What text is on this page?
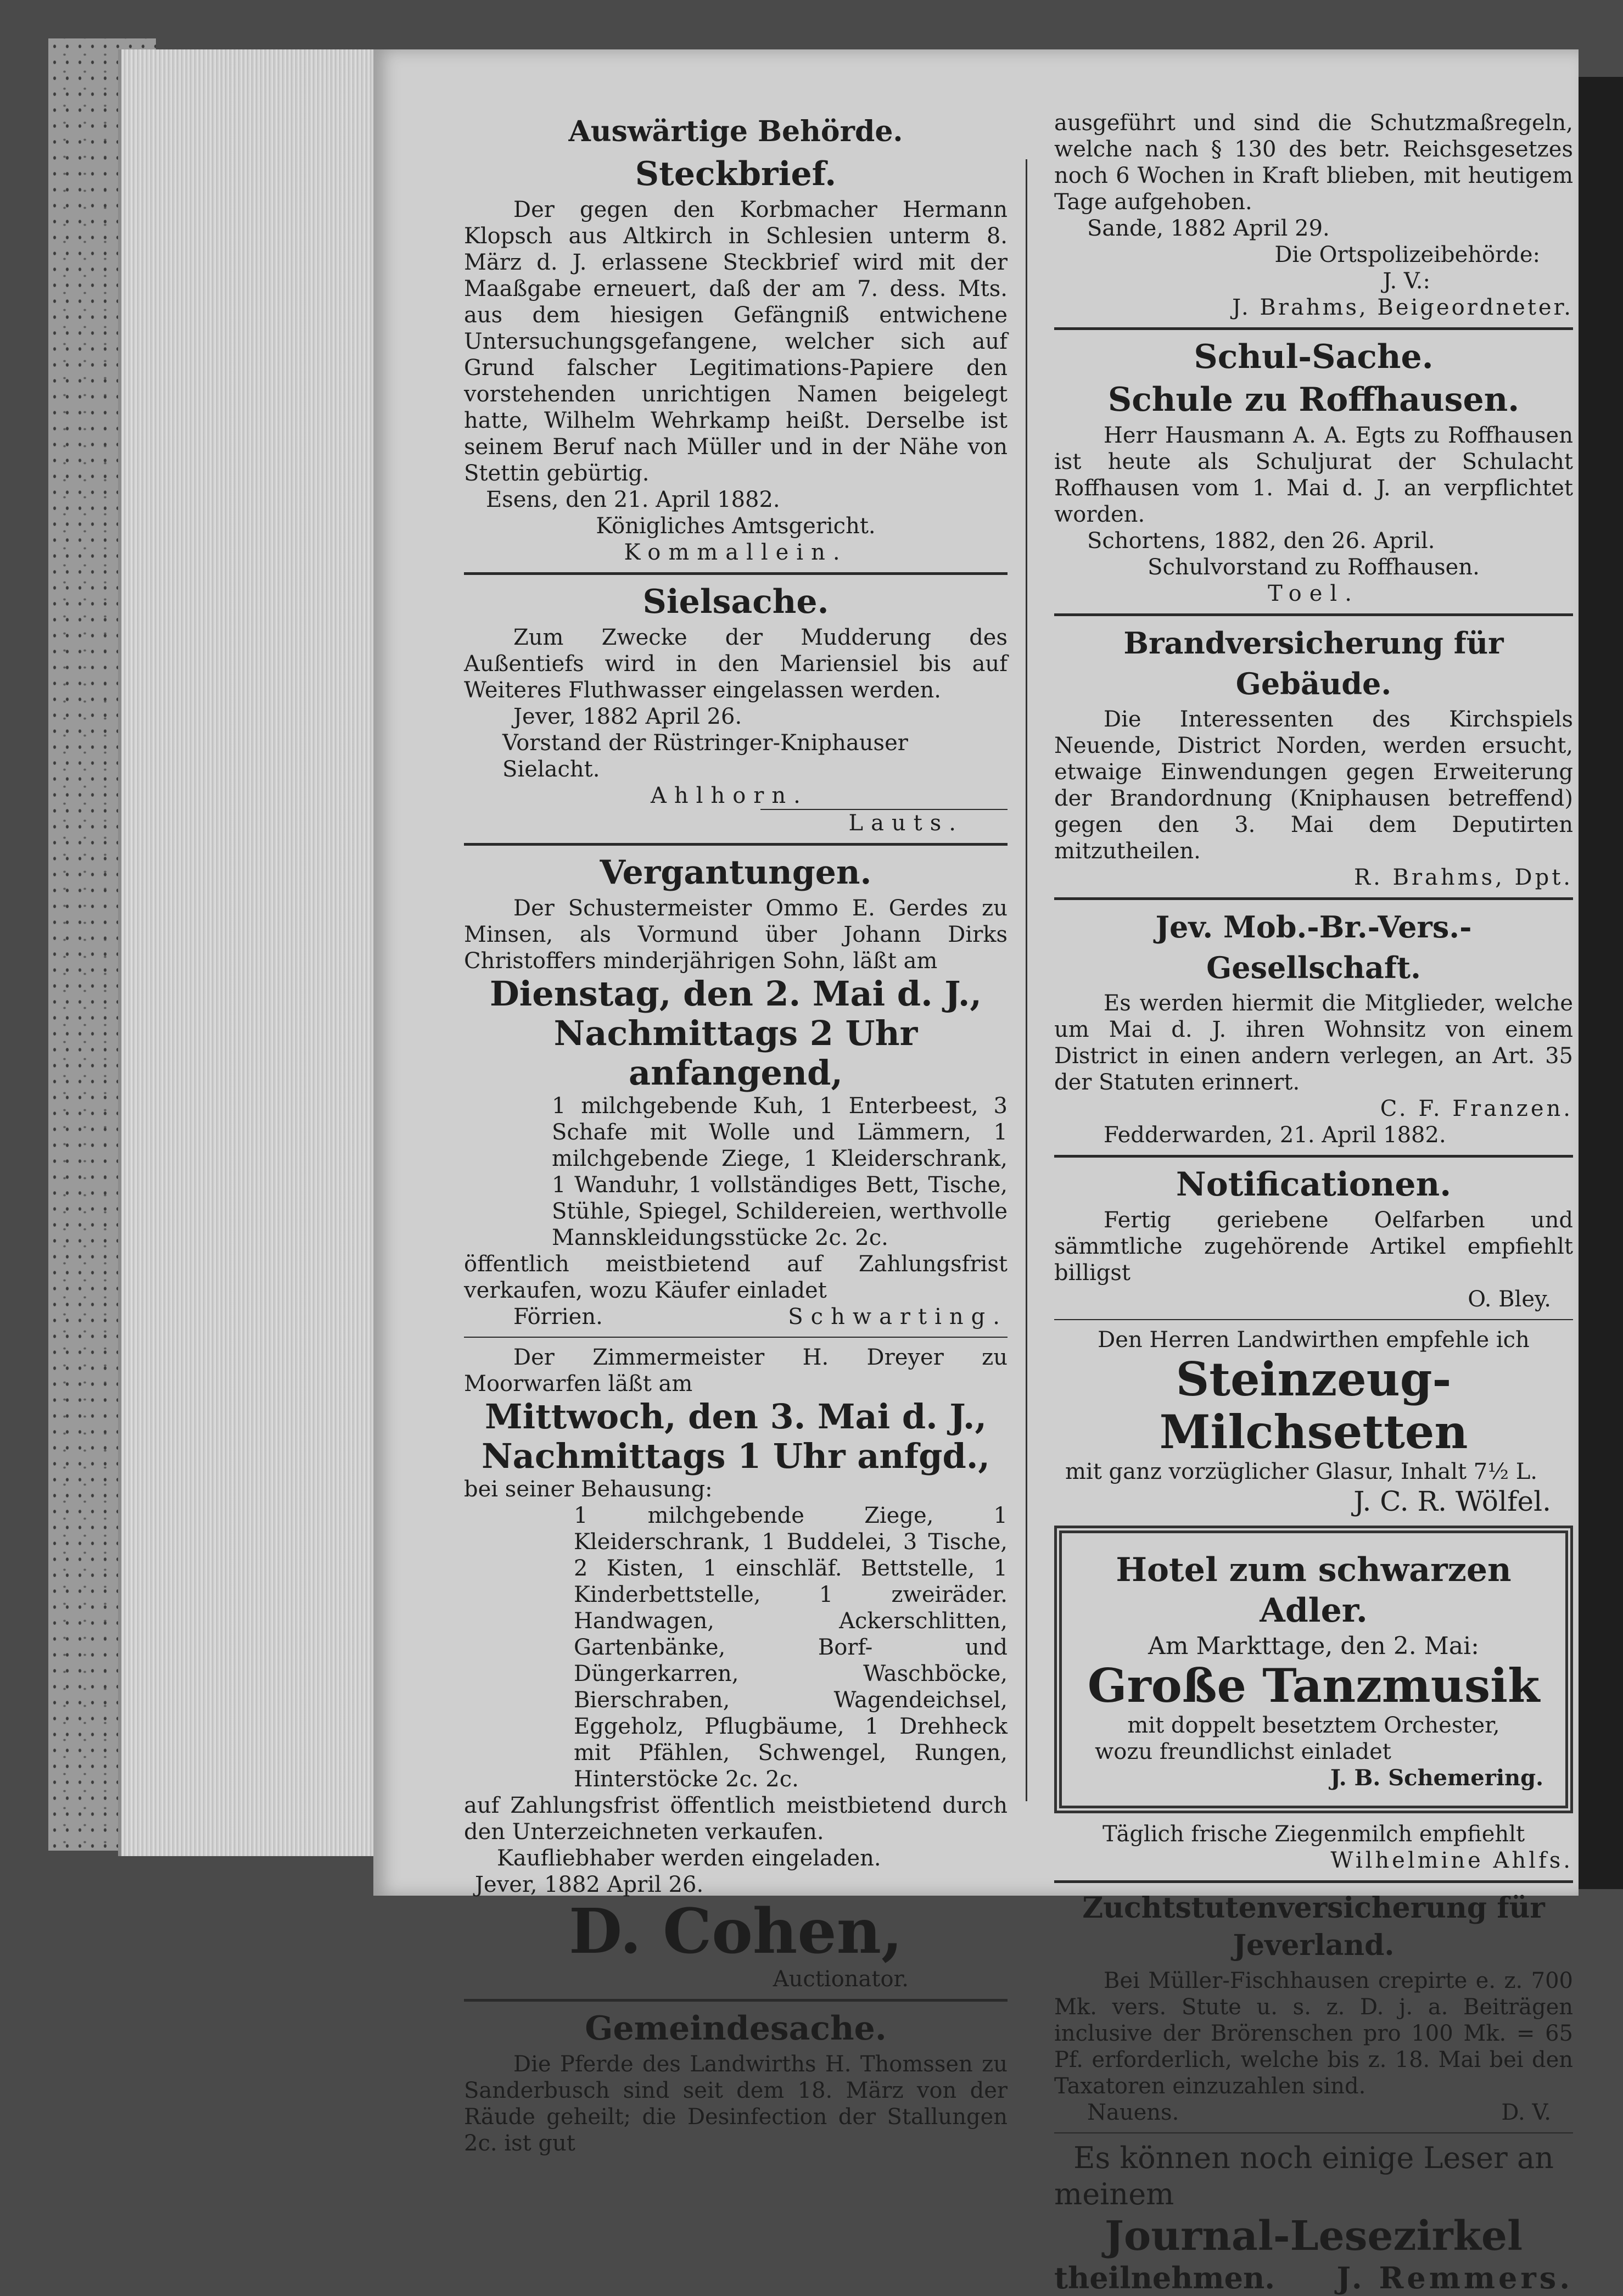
Auswärtige Behörde.
Steckbrief.
Der gegen den Korbmacher Hermann Klopsch aus Altkirch in Schlesien unterm 8. März d. J. erlassene Steckbrief wird mit der Maaßgabe erneuert, daß der am 7. dess. Mts. aus dem hiesigen Gefängniß entwichene Untersuchungsgefangene, welcher sich auf Grund falscher Legitimations-Papiere den vorstehenden unrichtigen Namen beigelegt hatte, Wilhelm Wehrkamp heißt. Derselbe ist seinem Beruf nach Müller und in der Nähe von Stettin gebürtig.
Esens, den 21. April 1882.
Königliches Amtsgericht.
Kommallein.
Sielsache.
Zum Zwecke der Mudderung des Außentiefs wird in den Mariensiel bis auf Weiteres Fluthwasser eingelassen werden.
Jever, 1882 April 26.
Vorstand der Rüstringer-Kniphauser Sielacht.
Ahlhorn.
Lauts.
Vergantungen.
Der Schustermeister Ommo E. Gerdes zu Minsen, als Vormund über Johann Dirks Christoffers minderjährigen Sohn, läßt am
Dienstag, den 2. Mai d. J.,
Nachmittags 2 Uhr anfangend,
1 milchgebende Kuh, 1 Enterbeest, 3 Schafe mit Wolle und Lämmern, 1 milchgebende Ziege, 1 Kleiderschrank, 1 Wanduhr, 1 vollständiges Bett, Tische, Stühle, Spiegel, Schildereien, werthvolle Mannskleidungsstücke 2c. 2c.
öffentlich meistbietend auf Zahlungsfrist verkaufen, wozu Käufer einladet
Förrien.	Schwarting.
Der Zimmermeister H. Dreyer zu Moorwarfen läßt am
Mittwoch, den 3. Mai d. J.,
Nachmittags 1 Uhr anfgd.,
bei seiner Behausung:
1 milchgebende Ziege, 1 Kleiderschrank, 1 Buddelei, 3 Tische, 2 Kisten, 1 einschläf. Bettstelle, 1 Kinderbettstelle, 1 zweiräder. Handwagen, Ackerschlitten, Gartenbänke, Borf- und Düngerkarren, Waschböcke, Bierschraben, Wagendeichsel, Eggeholz, Pflugbäume, 1 Drehheck mit Pfählen, Schwengel, Rungen, Hinterstöcke 2c. 2c.
auf Zahlungsfrist öffentlich meistbietend durch den Unterzeichneten verkaufen.
Kaufliebhaber werden eingeladen.
Jever, 1882 April 26.
D. Cohen,
Auctionator.
Gemeindesache.
Die Pferde des Landwirths H. Thomssen zu Sanderbusch sind seit dem 18. März von der Räude geheilt; die Desinfection der Stallungen 2c. ist gut
ausgeführt und sind die Schutzmaßregeln, welche nach § 130 des betr. Reichsgesetzes noch 6 Wochen in Kraft blieben, mit heutigem Tage aufgehoben.
Sande, 1882 April 29.
Die Ortspolizeibehörde:
J. V.:
J. Brahms, Beigeordneter.
Schul-Sache.
Schule zu Roffhausen.
Herr Hausmann A. A. Egts zu Roffhausen ist heute als Schuljurat der Schulacht Roffhausen vom 1. Mai d. J. an verpflichtet worden.
Schortens, 1882, den 26. April.
Schulvorstand zu Roffhausen.
Toel.
Brandversicherung für Gebäude.
Die Interessenten des Kirchspiels Neuende, District Norden, werden ersucht, etwaige Einwendungen gegen Erweiterung der Brandordnung (Kniphausen betreffend) gegen den 3. Mai dem Deputirten mitzutheilen.
R. Brahms, Dpt.
Jev. Mob.-Br.-Vers.-Gesellschaft.
Es werden hiermit die Mitglieder, welche um Mai d. J. ihren Wohnsitz von einem District in einen andern verlegen, an Art. 35 der Statuten erinnert.
C. F. Franzen.
Fedderwarden, 21. April 1882.
Notificationen.
Fertig geriebene Oelfarben und sämmtliche zugehörende Artikel empfiehlt billigst
O. Bley.
Den Herren Landwirthen empfehle ich
Steinzeug-Milchsetten
mit ganz vorzüglicher Glasur, Inhalt 7½ L.
J. C. R. Wölfel.
Hotel zum schwarzen Adler.
Am Markttage, den 2. Mai:
Große Tanzmusik
mit doppelt besetztem Orchester,
wozu freundlichst einladet
J. B. Schemering.
Täglich frische Ziegenmilch empfiehlt
Wilhelmine Ahlfs.
Zuchtstutenversicherung für Jeverland.
Bei Müller-Fischhausen crepirte e. z. 700 Mk. vers. Stute u. s. z. D. j. a. Beiträgen inclusive der Brörenschen pro 100 Mk. = 65 Pf. erforderlich, welche bis z. 18. Mai bei den Taxatoren einzuzahlen sind.
Nauens.	D. V.
Es können noch einige Leser an
meinem
Journal-Lesezirkel
theilnehmen. J. Remmers.
